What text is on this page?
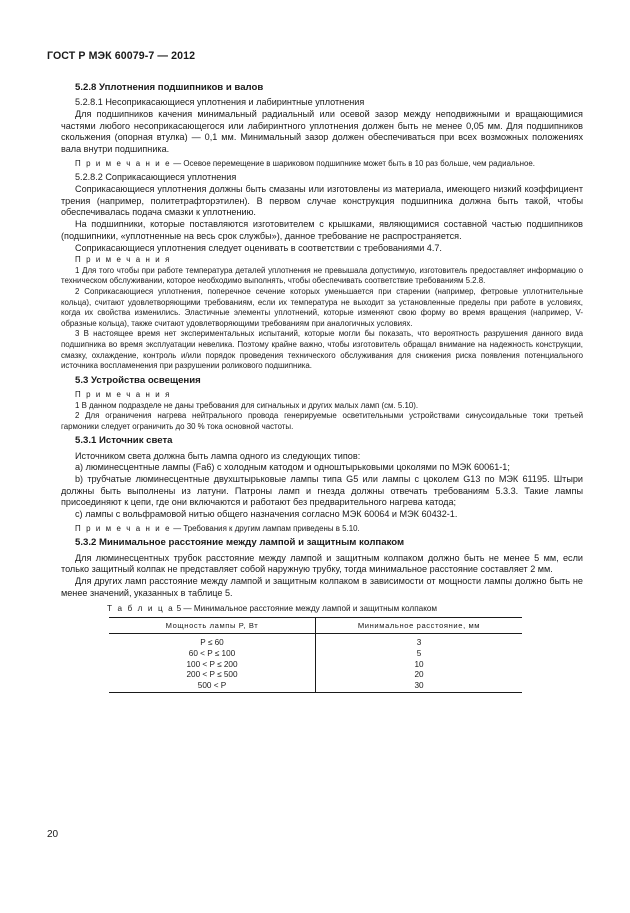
ГОСТ Р МЭК 60079-7 — 2012
5.2.8 Уплотнения подшипников и валов
5.2.8.1 Несоприкасающиеся уплотнения и лабиринтные уплотнения

Для подшипников качения минимальный радиальный или осевой зазор между неподвижными и вращающимися частями любого несоприкасающегося или лабиринтного уплотнения должен быть не менее 0,05 мм. Для подшипников скольжения (опорная втулка) — 0,1 мм. Минимальный зазор должен обеспечиваться при всех возможных положениях вала внутри подшипника.

П р и м е ч а н и е — Осевое перемещение в шариковом подшипнике может быть в 10 раз больше, чем радиальное.

5.2.8.2 Соприкасающиеся уплотнения

Соприкасающиеся уплотнения должны быть смазаны или изготовлены из материала, имеющего низкий коэффициент трения (например, политетрафторэтилен). В первом случае конструкция подшипника должна быть такой, чтобы обеспечивалась подача смазки к уплотнению.

На подшипники, которые поставляются изготовителем с крышками, являющимися составной частью подшипников (подшипники, «уплотненные на весь срок службы»), данное требование не распространяется.

Соприкасающиеся уплотнения следует оценивать в соответствии с требованиями 4.7.

П р и м е ч а н и я

1 Для того чтобы при работе температура деталей уплотнения не превышала допустимую, изготовитель предоставляет информацию о техническом обслуживании, которое необходимо выполнять, чтобы обеспечивать соответствие требованиям 5.2.8.

2 Соприкасающиеся уплотнения, поперечное сечение которых уменьшается при старении (например, фетровые уплотнительные кольца), считают удовлетворяющими требованиям, если их температура не выходит за установленные пределы при работе в условиях, когда их свойства изменились. Эластичные элементы уплотнений, которые изменяют свою форму во время вращения (например, V-образные кольца), также считают удовлетворяющими требованиям при аналогичных условиях.

3 В настоящее время нет экспериментальных испытаний, которые могли бы показать, что вероятность разрушения данного вида подшипника во время эксплуатации невелика. Поэтому крайне важно, чтобы изготовитель обращал внимание на надежность конструкции, смазку, охлаждение, контроль и/или порядок проведения технического обслуживания для снижения риска появления потенциального источника воспламенения при разрушении роликового подшипника.

5.3 Устройства освещения
П р и м е ч а н и я

1 В данном подразделе не даны требования для сигнальных и других малых ламп (см. 5.10).

2 Для ограничения нагрева нейтрального провода генерируемые осветительными устройствами синусоидальные токи третьей гармоники следует ограничить до 30 % тока основной частоты.

5.3.1 Источник света

Источником света должна быть лампа одного из следующих типов:

а) люминесцентные лампы (Fa6) с холодным катодом и одноштырьковыми цоколями по МЭК 60061-1;

b) трубчатые люминесцентные двухштырьковые лампы типа G5 или лампы с цоколем G13 по МЭК 61195. Штыри должны быть выполнены из латуни. Патроны ламп и гнезда должны отвечать требованиям 5.3.3. Такие лампы присоединяют к цепи, где они включаются и работают без предварительного нагрева катода;

с) лампы с вольфрамовой нитью общего назначения согласно МЭК 60064 и МЭК 60432-1.

П р и м е ч а н и е — Требования к другим лампам приведены в 5.10.

5.3.2 Минимальное расстояние между лампой и защитным колпаком

Для люминесцентных трубок расстояние между лампой и защитным колпаком должно быть не менее 5 мм, если только защитный колпак не представляет собой наружную трубку, тогда минимальное расстояние составляет 2 мм.

Для других ламп расстояние между лампой и защитным колпаком в зависимости от мощности лампы должно быть не менее значений, указанных в таблице 5.

Т а б л и ц а 5 — Минимальное расстояние между лампой и защитным колпаком
Мощность лампы P, Вт	Минимальное расстояние, мм
P ≤ 60	3
60 < P ≤ 100	5
100 < P ≤ 200	10
200 < P ≤ 500	20
500 < P	30
20
